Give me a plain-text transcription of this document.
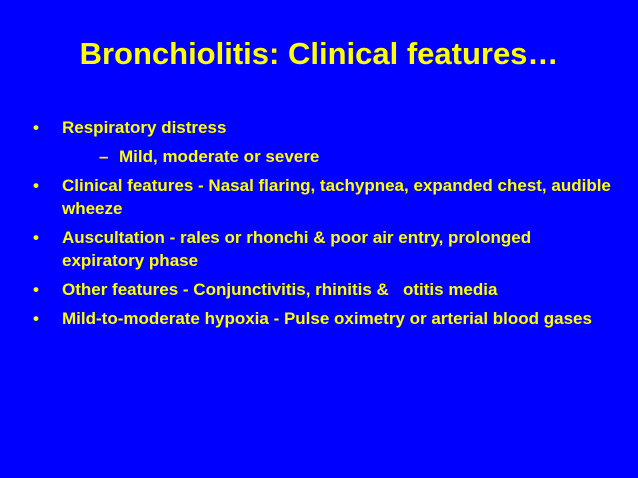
Bronchiolitis: Clinical features…
• Respiratory distress
– Mild, moderate or severe
• Clinical features - Nasal flaring, tachypnea, expanded chest, audible wheeze
• Auscultation - rales or rhonchi & poor air entry, prolonged expiratory phase
• Other features - Conjunctivitis, rhinitis &   otitis media
• Mild-to-moderate hypoxia - Pulse oximetry or arterial blood gases
